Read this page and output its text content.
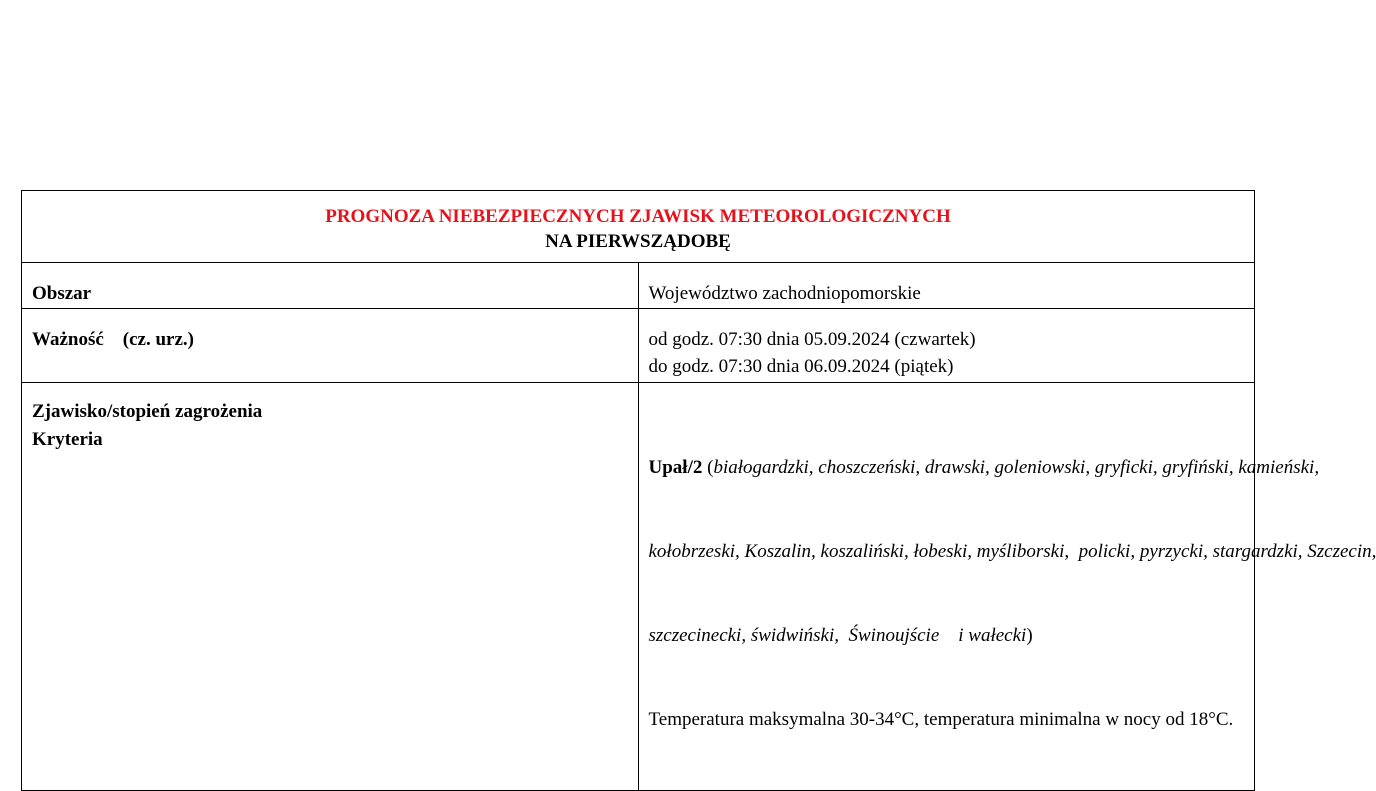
PROGNOZA NIEBEZPIECZNYCH ZJAWISK METEOROLOGICZNYCH
NA PIERWSZĄDOBĘ	

Obszar	Województwo zachodniopomorskie
Ważność    (cz. urz.)	od godz. 07:30 dnia 05.09.2024 (czwartek)
do godz. 07:30 dnia 06.09.2024 (piątek)

Zjawisko/stopień zagrożenia
Kryteria	Upał/2 (białogardzki, choszczeński, drawski, goleniowski, gryficki, gryfiński, kamieński,

kołobrzeski, Koszalin, koszaliński, łobeski, myśliborski,  policki, pyrzycki, stargardzki, Szczecin,

szczecinecki, świdwiński,  Świnoujście    i wałecki)

Temperatura maksymalna 30-34°C, temperatura minimalna w nocy od 18°C.
